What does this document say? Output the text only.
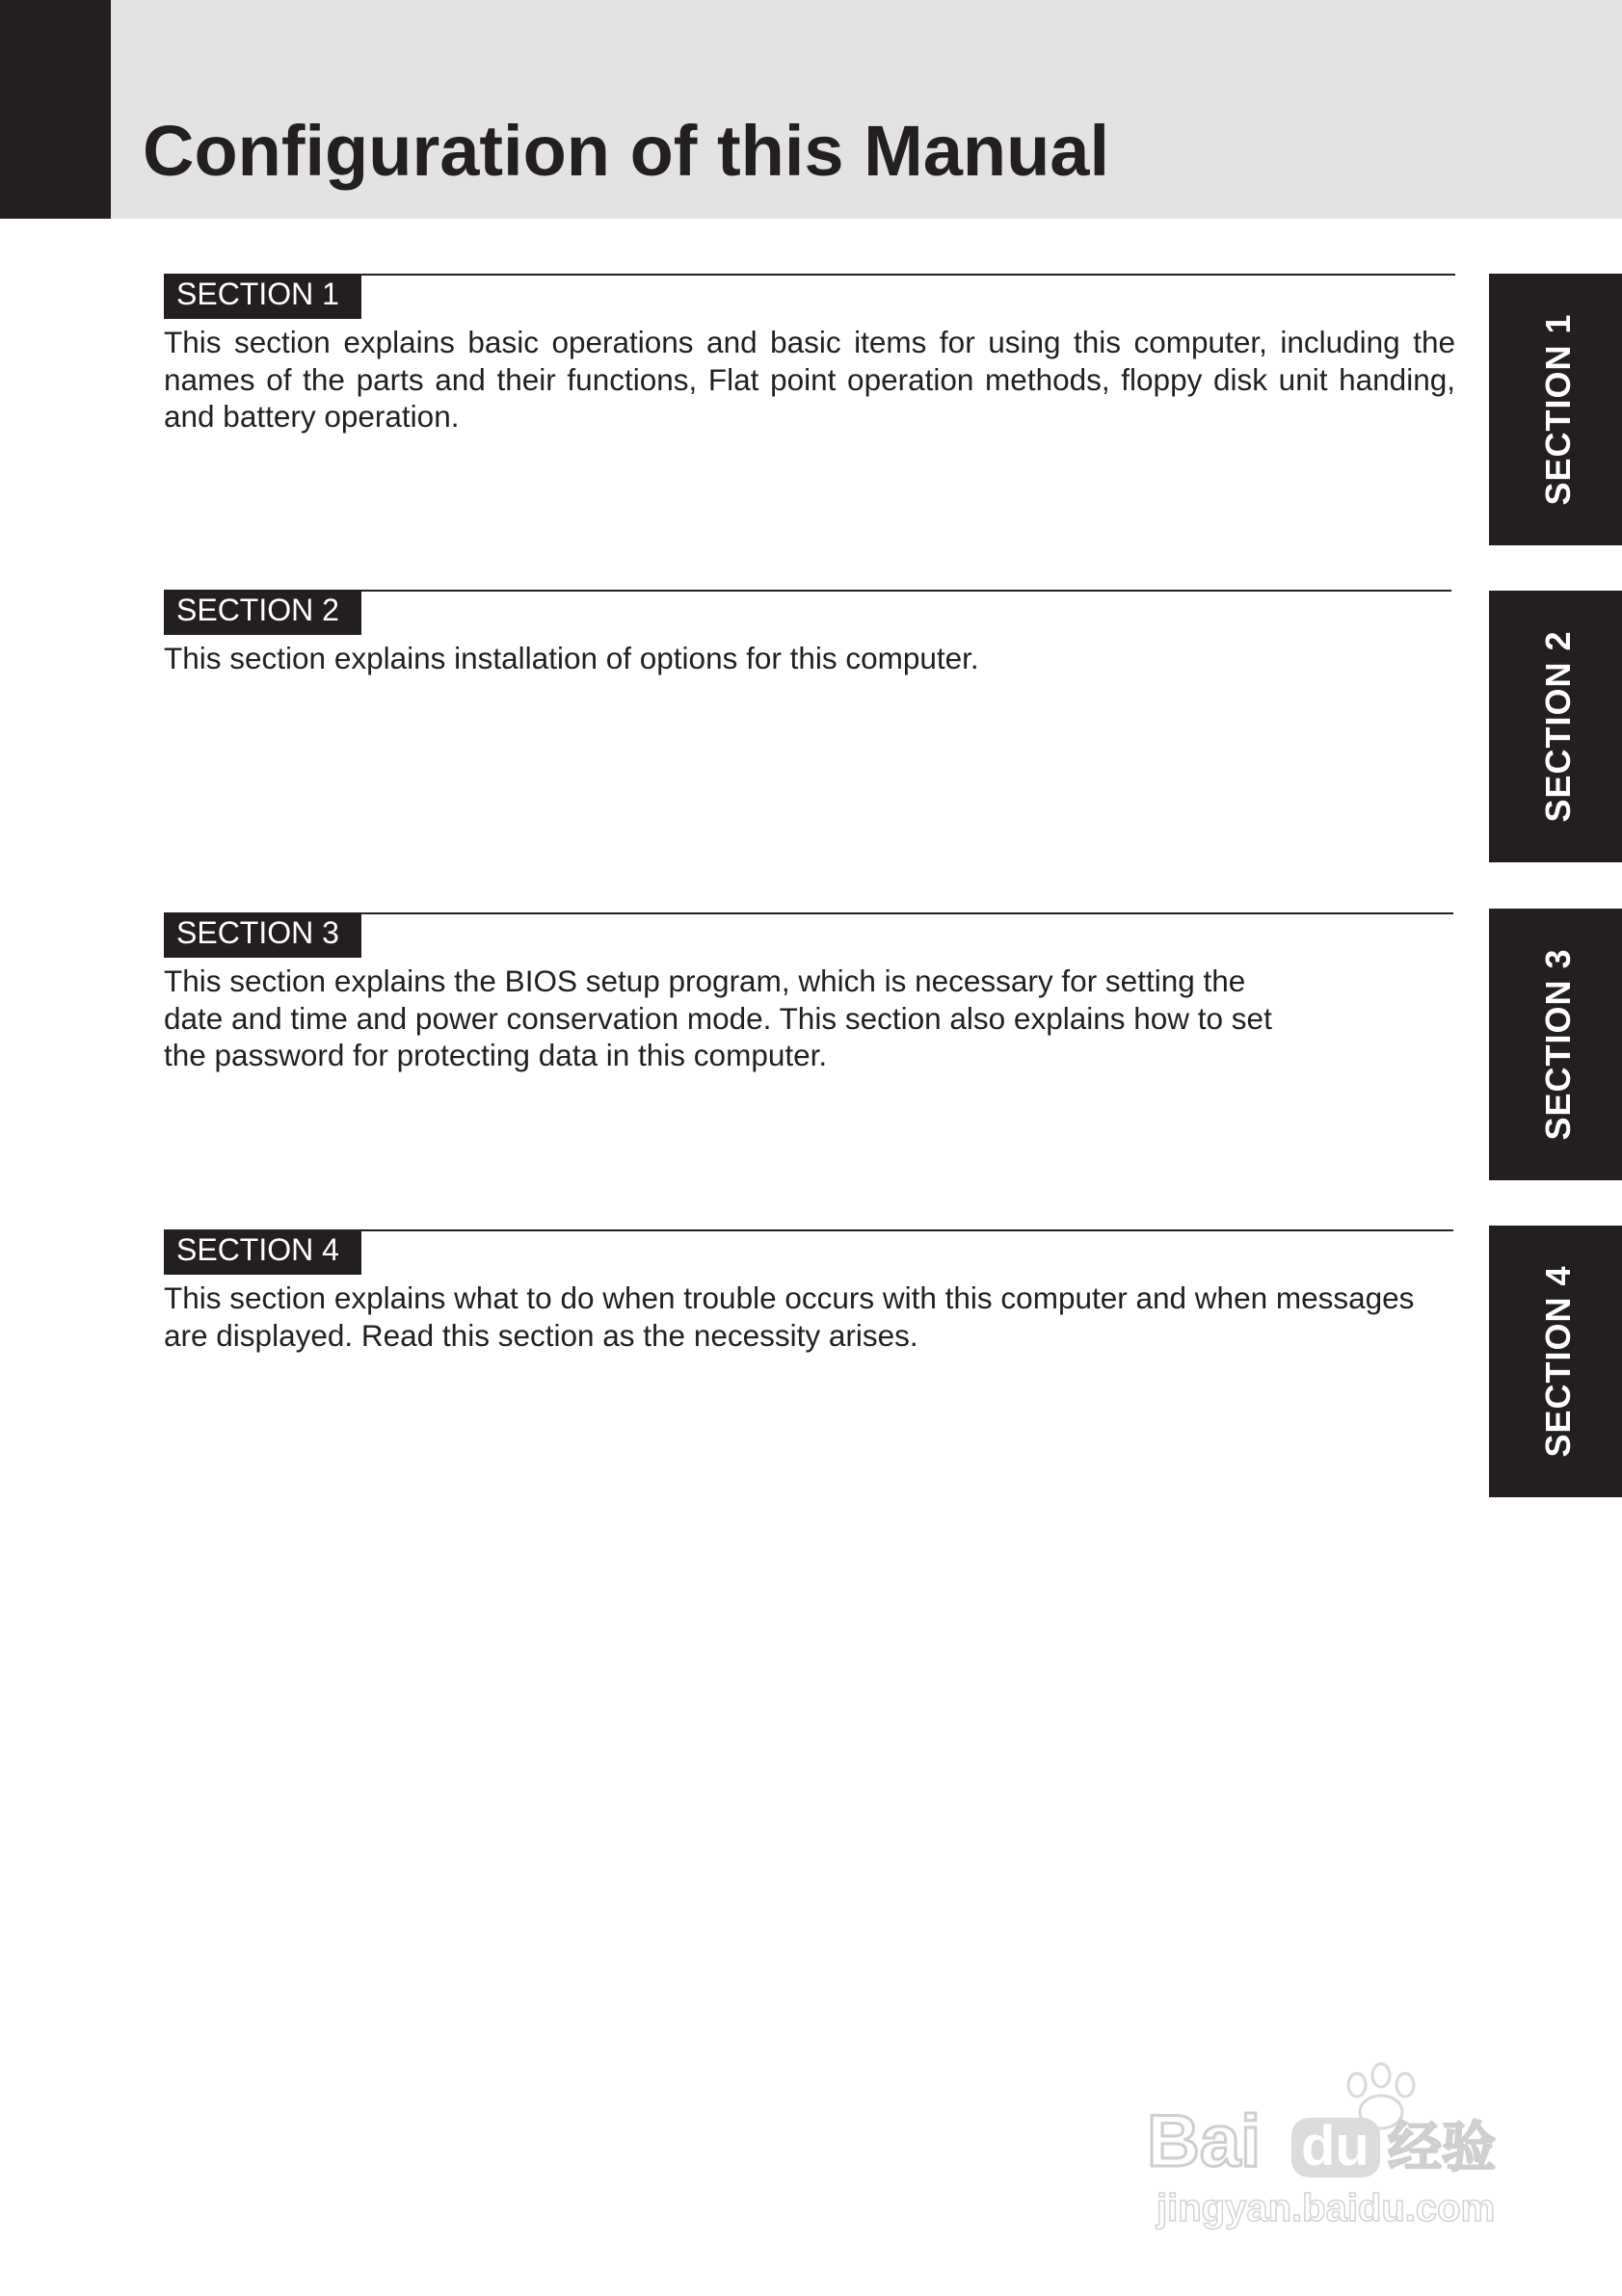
Configuration of this Manual
SECTION 1

This section explains basic operations and basic items for using this computer, including the names of the parts and their functions, Flat point operation methods, floppy disk unit handing, and battery operation.

SECTION 2

This section explains installation of options for this computer.

SECTION 3

This section explains the BIOS setup program, which is necessary for setting the date and time and power conservation mode. This section also explains how to set the password for protecting data in this computer.

SECTION 4

This section explains what to do when trouble occurs with this computer and when messages are displayed. Read this section as the necessity arises.

SECTION 1
SECTION 2
SECTION 3
SECTION 4
Bai du 经验
jingyan.baidu.com
